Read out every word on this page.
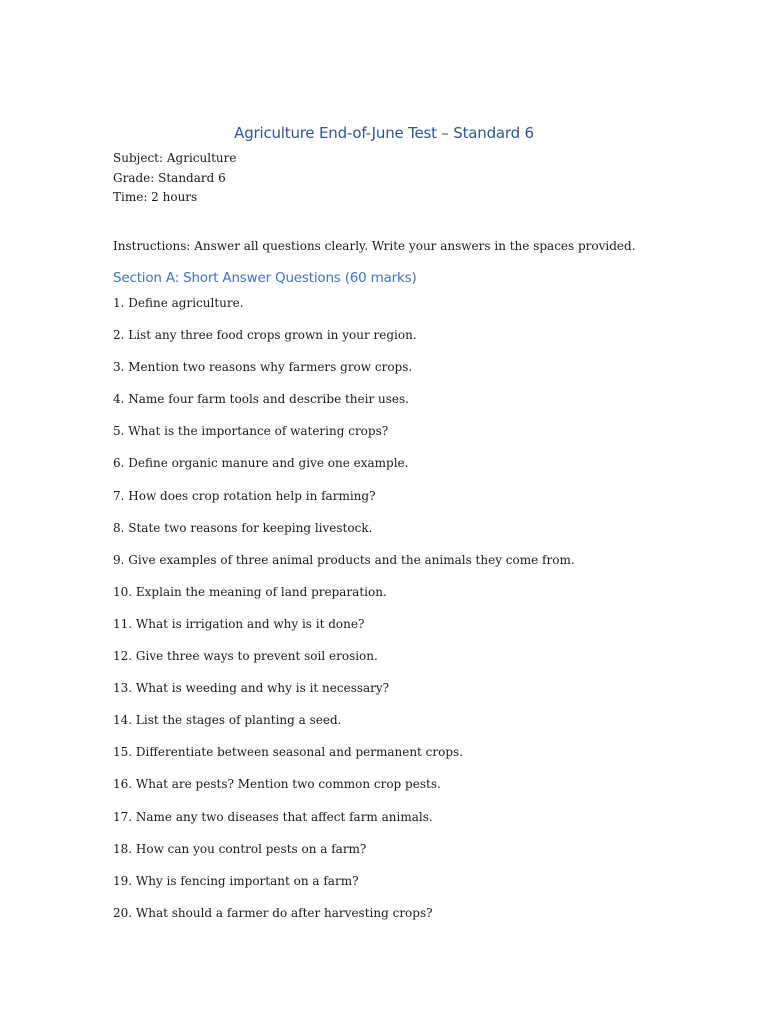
Agriculture End-of-June Test – Standard 6
Subject: Agriculture
Grade: Standard 6
Time: 2 hours
Instructions: Answer all questions clearly. Write your answers in the spaces provided.
Section A: Short Answer Questions (60 marks)
1. Define agriculture.
2. List any three food crops grown in your region.
3. Mention two reasons why farmers grow crops.
4. Name four farm tools and describe their uses.
5. What is the importance of watering crops?
6. Define organic manure and give one example.
7. How does crop rotation help in farming?
8. State two reasons for keeping livestock.
9. Give examples of three animal products and the animals they come from.
10. Explain the meaning of land preparation.
11. What is irrigation and why is it done?
12. Give three ways to prevent soil erosion.
13. What is weeding and why is it necessary?
14. List the stages of planting a seed.
15. Differentiate between seasonal and permanent crops.
16. What are pests? Mention two common crop pests.
17. Name any two diseases that affect farm animals.
18. How can you control pests on a farm?
19. Why is fencing important on a farm?
20. What should a farmer do after harvesting crops?
